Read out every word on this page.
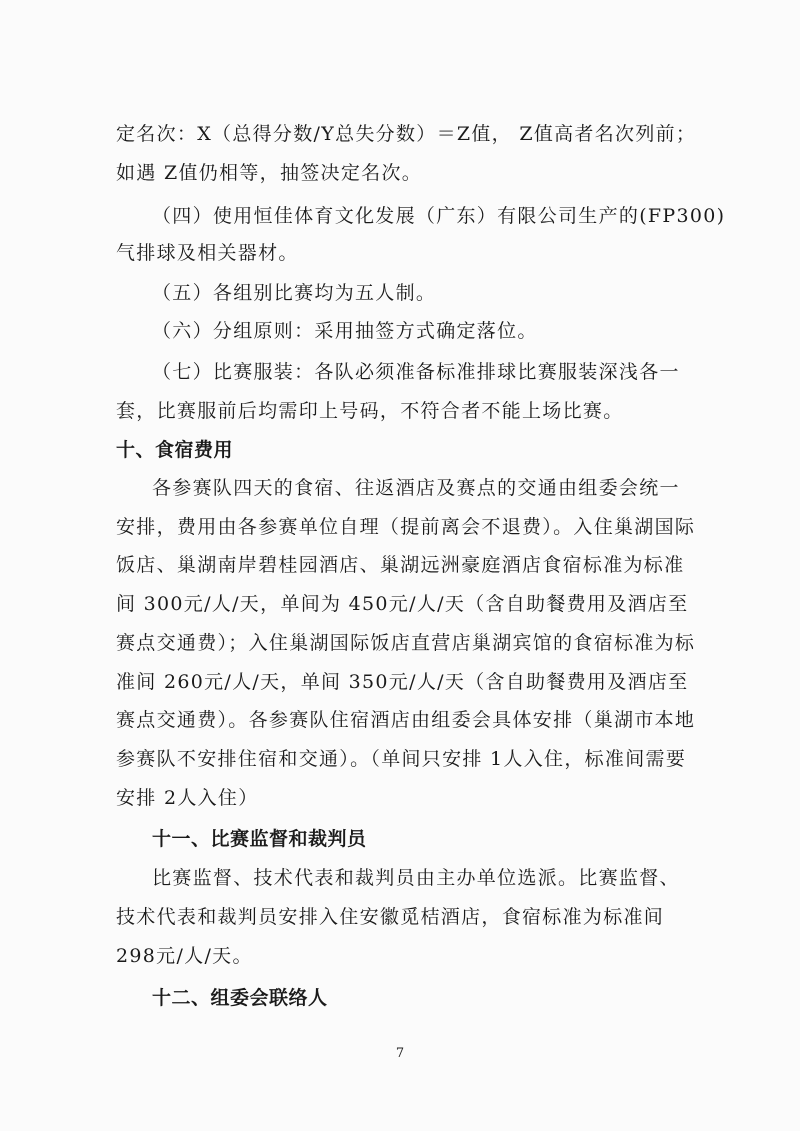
定名次：X（总得分数/Y总失分数）＝Z值， Z值高者名次列前；
如遇 Z值仍相等，抽签决定名次。
（四）使用恒佳体育文化发展（广东）有限公司生产的(FP300)
气排球及相关器材。
（五）各组别比赛均为五人制。
（六）分组原则：采用抽签方式确定落位。
（七）比赛服装：各队必须准备标准排球比赛服装深浅各一
套，比赛服前后均需印上号码，不符合者不能上场比赛。
十、食宿费用
各参赛队四天的食宿、往返酒店及赛点的交通由组委会统一
安排，费用由各参赛单位自理（提前离会不退费）。入住巢湖国际
饭店、巢湖南岸碧桂园酒店、巢湖远洲豪庭酒店食宿标准为标准
间 300元/人/天，单间为 450元/人/天（含自助餐费用及酒店至
赛点交通费）；入住巢湖国际饭店直营店巢湖宾馆的食宿标准为标
准间 260元/人/天，单间 350元/人/天（含自助餐费用及酒店至
赛点交通费）。各参赛队住宿酒店由组委会具体安排（巢湖市本地
参赛队不安排住宿和交通）。（单间只安排 1人入住，标准间需要
安排 2人入住）
十一、比赛监督和裁判员
比赛监督、技术代表和裁判员由主办单位选派。比赛监督、
技术代表和裁判员安排入住安徽觅桔酒店，食宿标准为标准间
298元/人/天。
十二、组委会联络人
7
